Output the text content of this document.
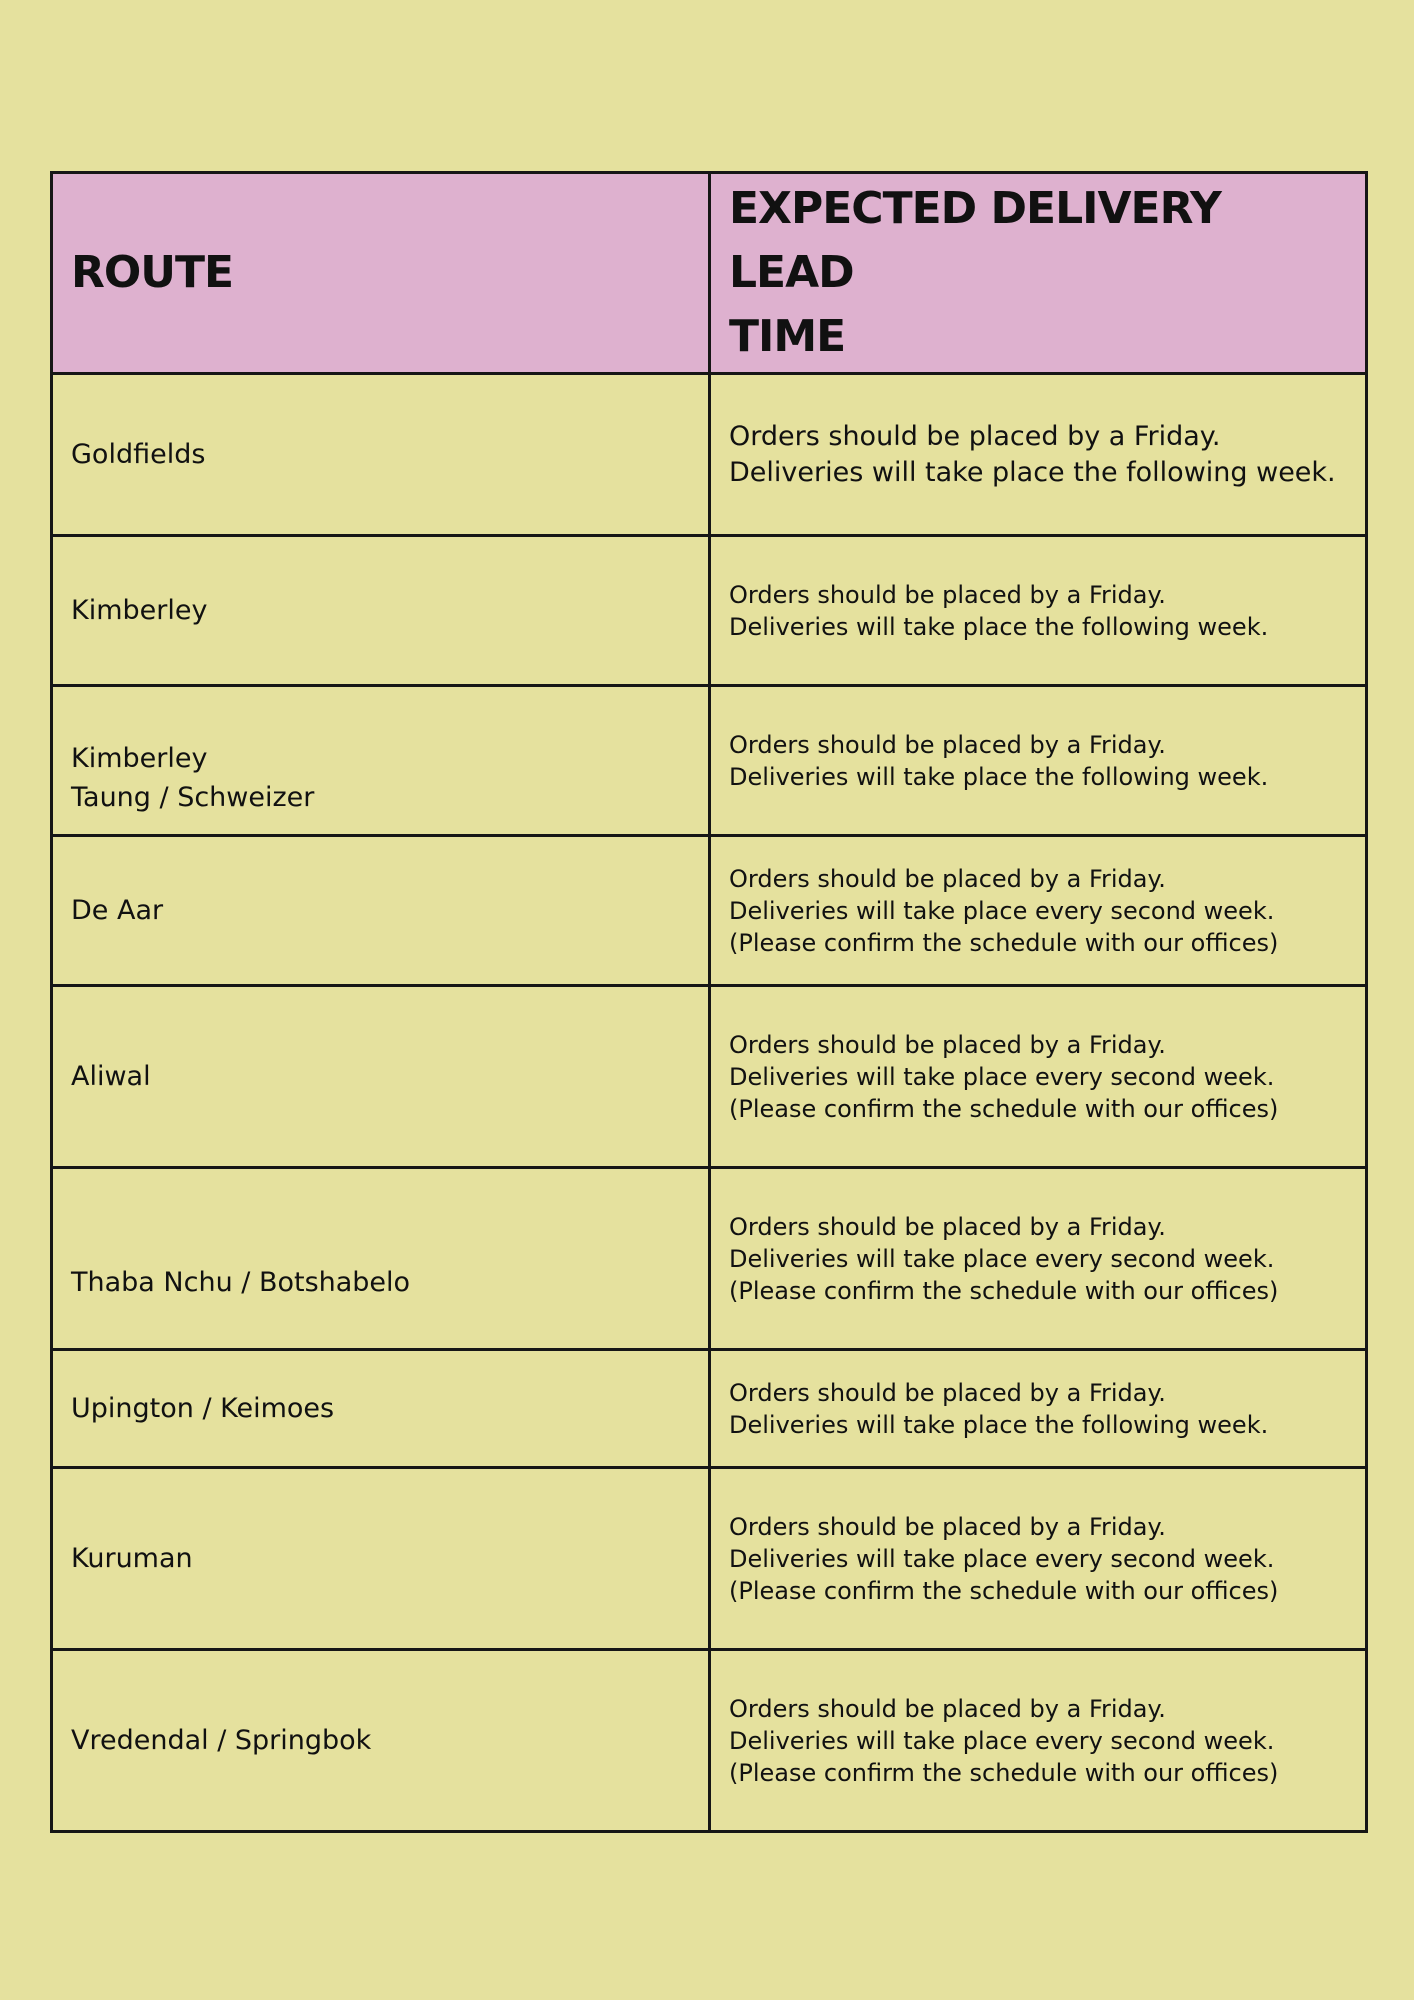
ROUTE	EXPECTED DELIVERY LEAD
TIME

Goldfields	Orders should be placed by a Friday.
Deliveries will take place the following week.

Kimberley	Orders should be placed by a Friday.
Deliveries will take place the following week.

Kimberley
Taung / Schweizer	Orders should be placed by a Friday.
Deliveries will take place the following week.

De Aar	Orders should be placed by a Friday.
Deliveries will take place every second week.
(Please confirm the schedule with our offices)

Aliwal	Orders should be placed by a Friday.
Deliveries will take place every second week.
(Please confirm the schedule with our offices)

Thaba Nchu / Botshabelo	Orders should be placed by a Friday.
Deliveries will take place every second week.
(Please confirm the schedule with our offices)

Upington / Keimoes	Orders should be placed by a Friday.
Deliveries will take place the following week.

Kuruman	Orders should be placed by a Friday.
Deliveries will take place every second week.
(Please confirm the schedule with our offices)

Vredendal / Springbok	Orders should be placed by a Friday.
Deliveries will take place every second week.
(Please confirm the schedule with our offices)
